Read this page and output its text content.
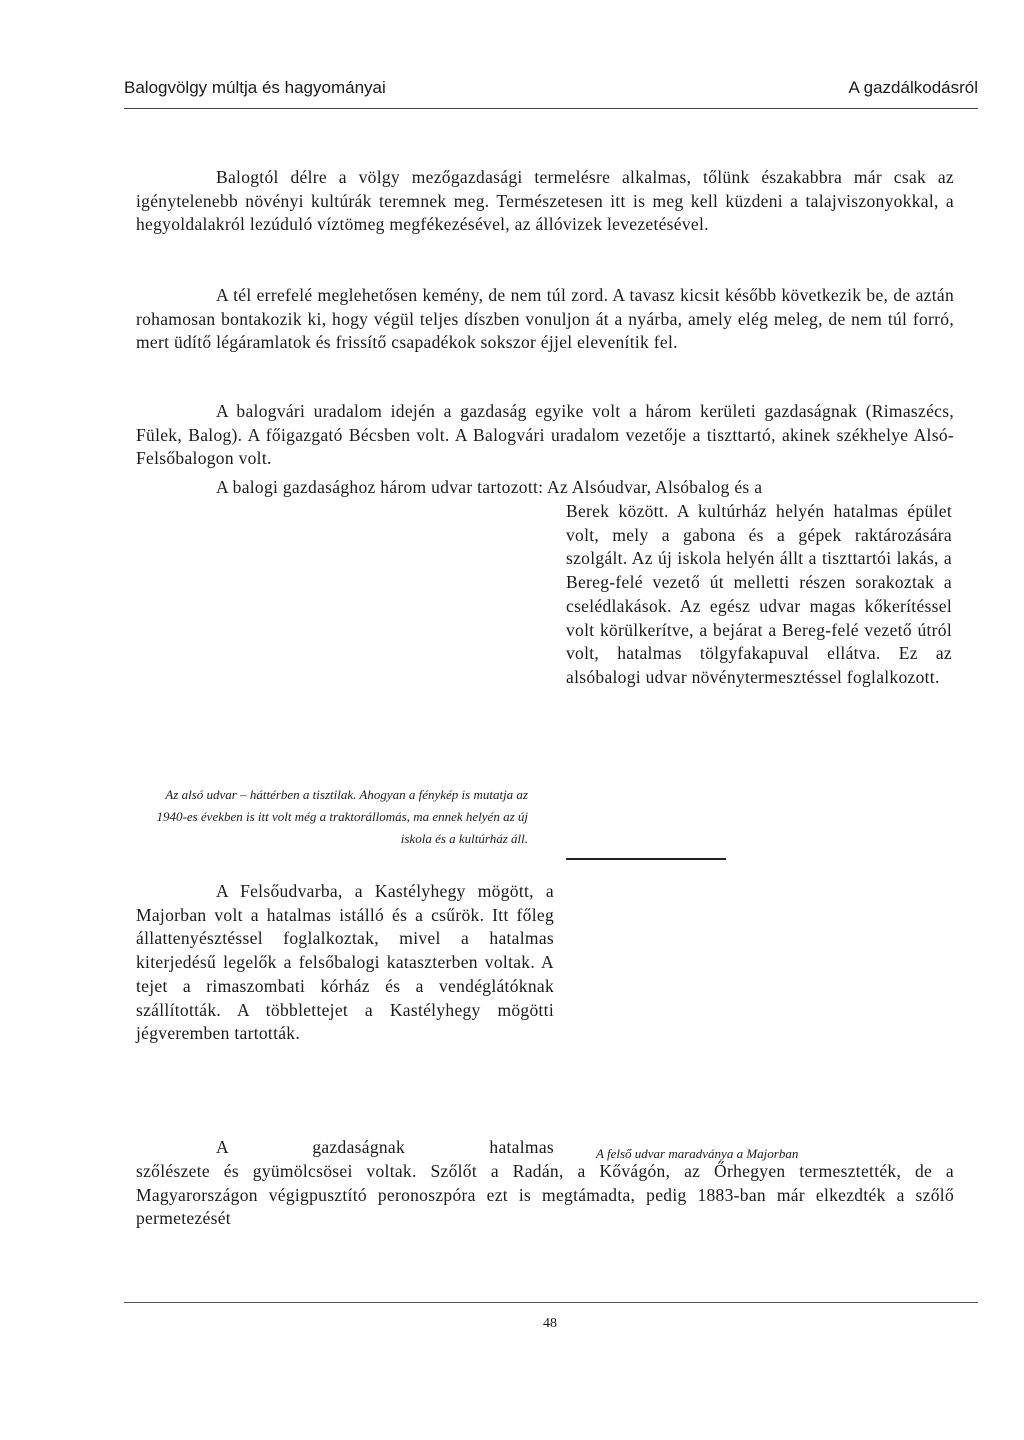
Balogvölgy múltja és hagyományai	A gazdálkodásról

Balogtól délre a völgy mezőgazdasági termelésre alkalmas, tőlünk északabbra már csak az igénytelenebb növényi kultúrák teremnek meg. Természetesen itt is meg kell küzdeni a talajviszonyokkal, a hegyoldalakról lezúduló víztömeg megfékezésével, az állóvizek levezetésével.

A tél errefelé meglehetősen kemény, de nem túl zord. A tavasz kicsit később következik be, de aztán rohamosan bontakozik ki, hogy végül teljes díszben vonuljon át a nyárba, amely elég meleg, de nem túl forró, mert üdítő légáramlatok és frissítő csapadékok sokszor éjjel elevenítik fel.

A balogvári uradalom idején a gazdaság egyike volt a három kerületi gazdaságnak (Rimaszécs, Fülek, Balog). A főigazgató Bécsben volt. A Balogvári uradalom vezetője a tiszttartó, akinek székhelye Alsó-Felsőbalogon volt.

A balogi gazdasághoz három udvar tartozott: Az Alsóudvar, Alsóbalog és a

Berek között. A kultúrház helyén hatalmas épület volt, mely a gabona és a gépek raktározására szolgált. Az új iskola helyén állt a tiszttartói lakás, a Bereg-felé vezető út melletti részen sorakoztak a cselédlakások. Az egész udvar magas kőkerítéssel volt körülkerítve, a bejárat a Bereg-felé vezető útról volt, hatalmas tölgyfakapuval ellátva. Ez az alsóbalogi udvar növénytermesztéssel foglalkozott.

Az alsó udvar – háttérben a tisztilak. Ahogyan a fénykép is mutatja az 1940-es években is itt volt még a traktorállomás, ma ennek helyén az új iskola és a kultúrház áll.

A Felsőudvarba, a Kastélyhegy mögött, a Majorban volt a hatalmas istálló és a csűrök. Itt főleg állattenyésztéssel foglalkoztak, mivel a hatalmas kiterjedésű legelők a felsőbalogi kataszterben voltak. A tejet a rimaszombati kórház és a vendéglátóknak szállították. A többlettejet a Kastélyhegy mögötti jégveremben tartották.

A gazdaságnak hatalmas	A felső udvar maradványa a Majorban

szőlészete és gyümölcsösei voltak. Szőlőt a Radán, a Kővágón, az Őrhegyen termesztették, de a Magyarországon végigpusztító peronoszpóra ezt is megtámadta, pedig 1883-ban már elkezdték a szőlő permetezését

48
